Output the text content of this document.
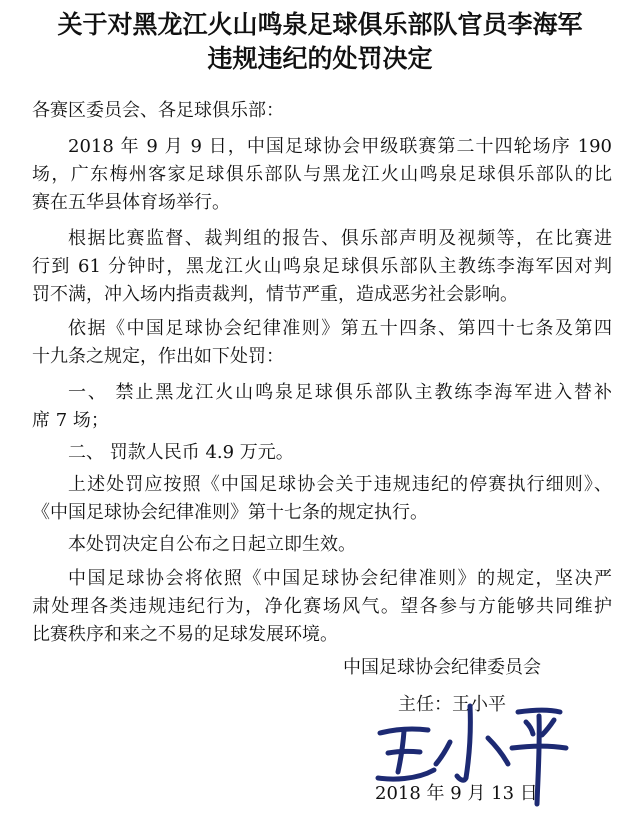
关于对黑龙江火山鸣泉足球俱乐部队官员李海军
违规违纪的处罚决定

各赛区委员会、各足球俱乐部：

2018 年 9 月 9 日，中国足球协会甲级联赛第二十四轮场序 190

场，广东梅州客家足球俱乐部队与黑龙江火山鸣泉足球俱乐部队的比

赛在五华县体育场举行。

根据比赛监督、裁判组的报告、俱乐部声明及视频等，在比赛进

行到 61 分钟时，黑龙江火山鸣泉足球俱乐部队主教练李海军因对判

罚不满，冲入场内指责裁判，情节严重，造成恶劣社会影响。

依据《中国足球协会纪律准则》第五十四条、第四十七条及第四

十九条之规定，作出如下处罚：

一、 禁止黑龙江火山鸣泉足球俱乐部队主教练李海军进入替补

席 7 场；

二、 罚款人民币 4.9 万元。

上述处罚应按照《中国足球协会关于违规违纪的停赛执行细则》、

《中国足球协会纪律准则》第十七条的规定执行。

本处罚决定自公布之日起立即生效。

中国足球协会将依照《中国足球协会纪律准则》的规定，坚决严

肃处理各类违规违纪行为，净化赛场风气。望各参与方能够共同维护

比赛秩序和来之不易的足球发展环境。

中国足球协会纪律委员会

主任：王小平

2018 年 9 月 13 日
